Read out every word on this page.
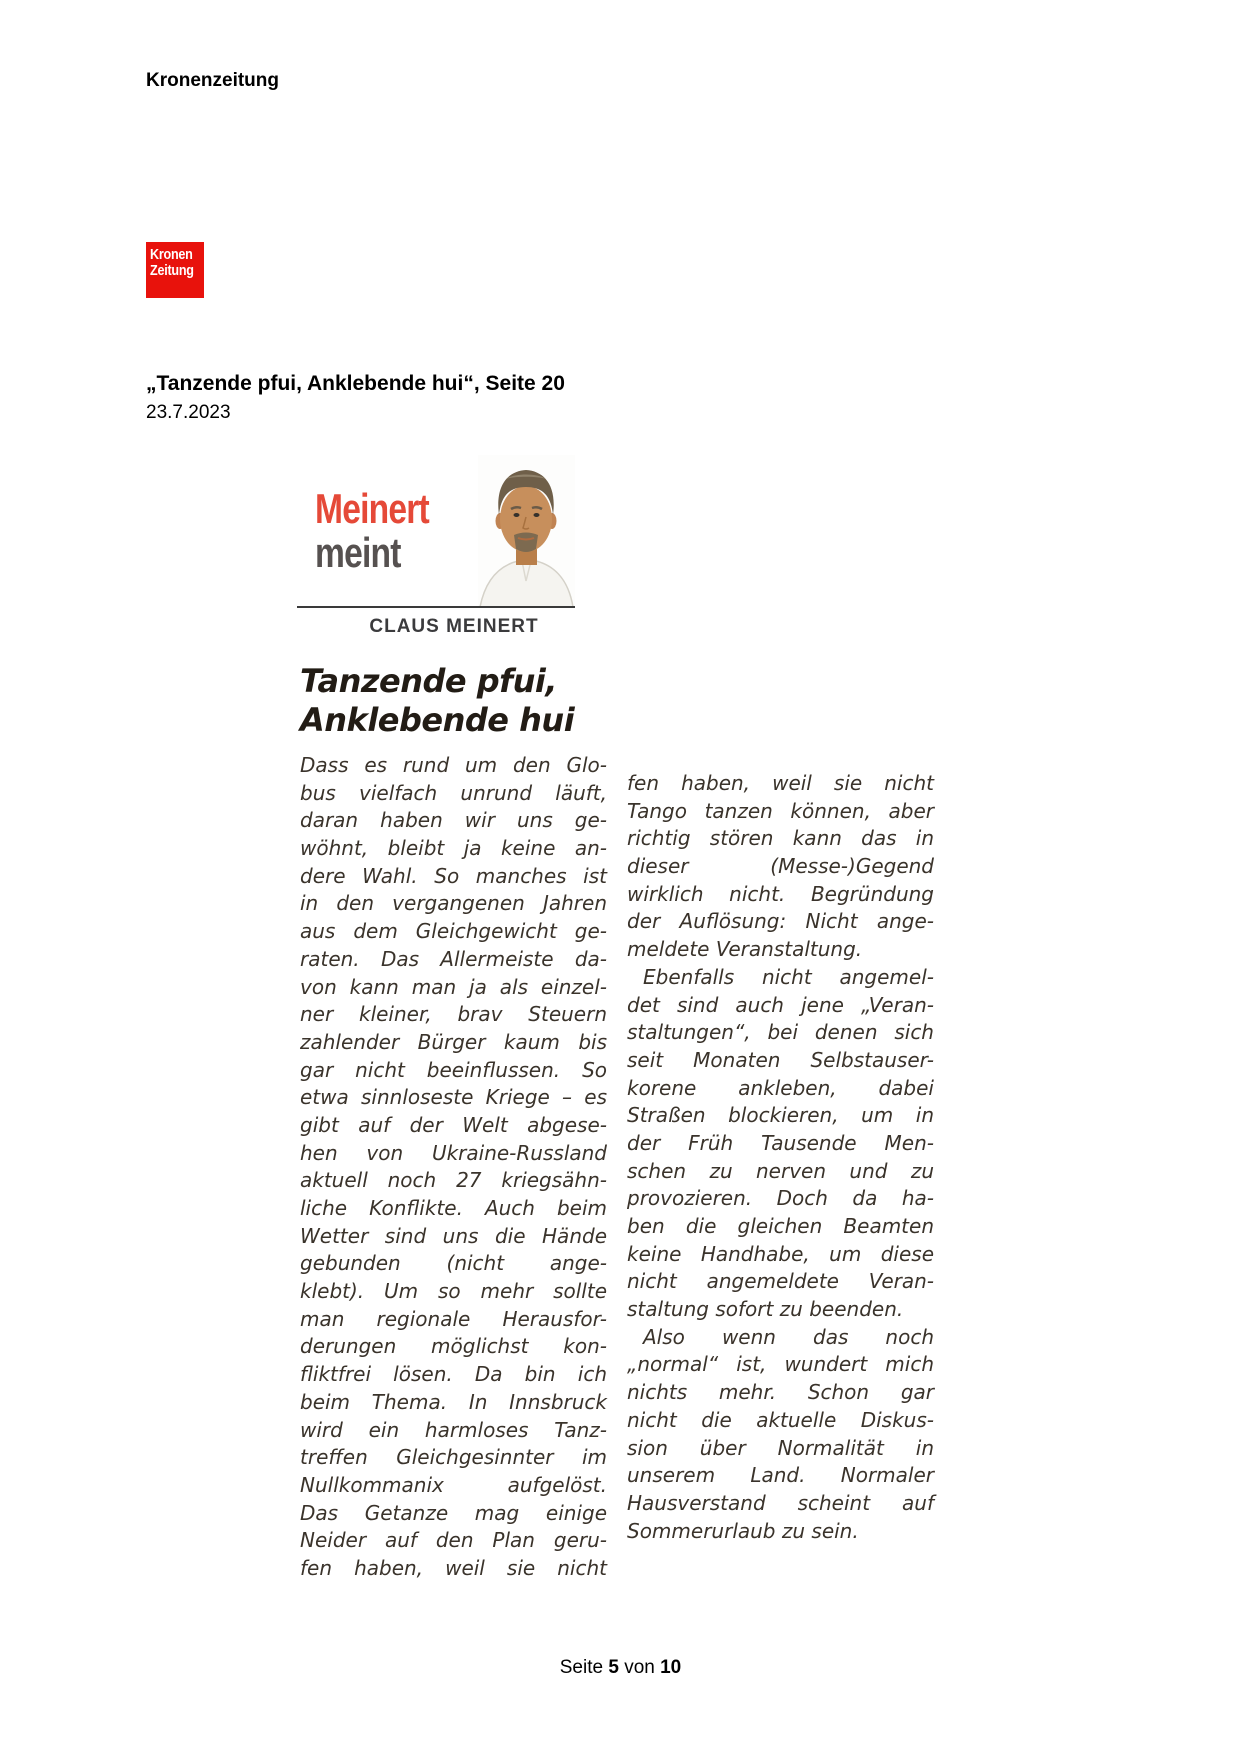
Kronenzeitung
Kronen
Zeitung
„Tanzende pfui, Anklebende hui“, Seite 20
23.7.2023
Meinert
meint
CLAUS MEINERT
Tanzende pfui,
Anklebende hui
Dass es rund um den Glo-
bus vielfach unrund läuft,
daran haben wir uns ge-
wöhnt, bleibt ja keine an-
dere Wahl. So manches ist
in den vergangenen Jahren
aus dem Gleichgewicht ge-
raten. Das Allermeiste da-
von kann man ja als einzel-
ner kleiner, brav Steuern
zahlender Bürger kaum bis
gar nicht beeinflussen. So
etwa sinnloseste Kriege – es
gibt auf der Welt abgese-
hen von Ukraine-Russland
aktuell noch 27 kriegsähn-
liche Konflikte. Auch beim
Wetter sind uns die Hände
gebunden (nicht ange-
klebt). Um so mehr sollte
man regionale Herausfor-
derungen möglichst kon-
fliktfrei lösen. Da bin ich
beim Thema. In Innsbruck
wird ein harmloses Tanz-
treffen Gleichgesinnter im
Nullkommanix aufgelöst.
Das Getanze mag einige
Neider auf den Plan geru-
fen haben, weil sie nicht
fen haben, weil sie nicht
Tango tanzen können, aber
richtig stören kann das in
dieser (Messe-)Gegend
wirklich nicht. Begründung
der Auflösung: Nicht ange-
meldete Veranstaltung.
Ebenfalls nicht angemel-
det sind auch jene „Veran-
staltungen“, bei denen sich
seit Monaten Selbstauser-
korene ankleben, dabei
Straßen blockieren, um in
der Früh Tausende Men-
schen zu nerven und zu
provozieren. Doch da ha-
ben die gleichen Beamten
keine Handhabe, um diese
nicht angemeldete Veran-
staltung sofort zu beenden.
Also wenn das noch
„normal“ ist, wundert mich
nichts mehr. Schon gar
nicht die aktuelle Diskus-
sion über Normalität in
unserem Land. Normaler
Hausverstand scheint auf
Sommerurlaub zu sein.
Seite 5 von 10
